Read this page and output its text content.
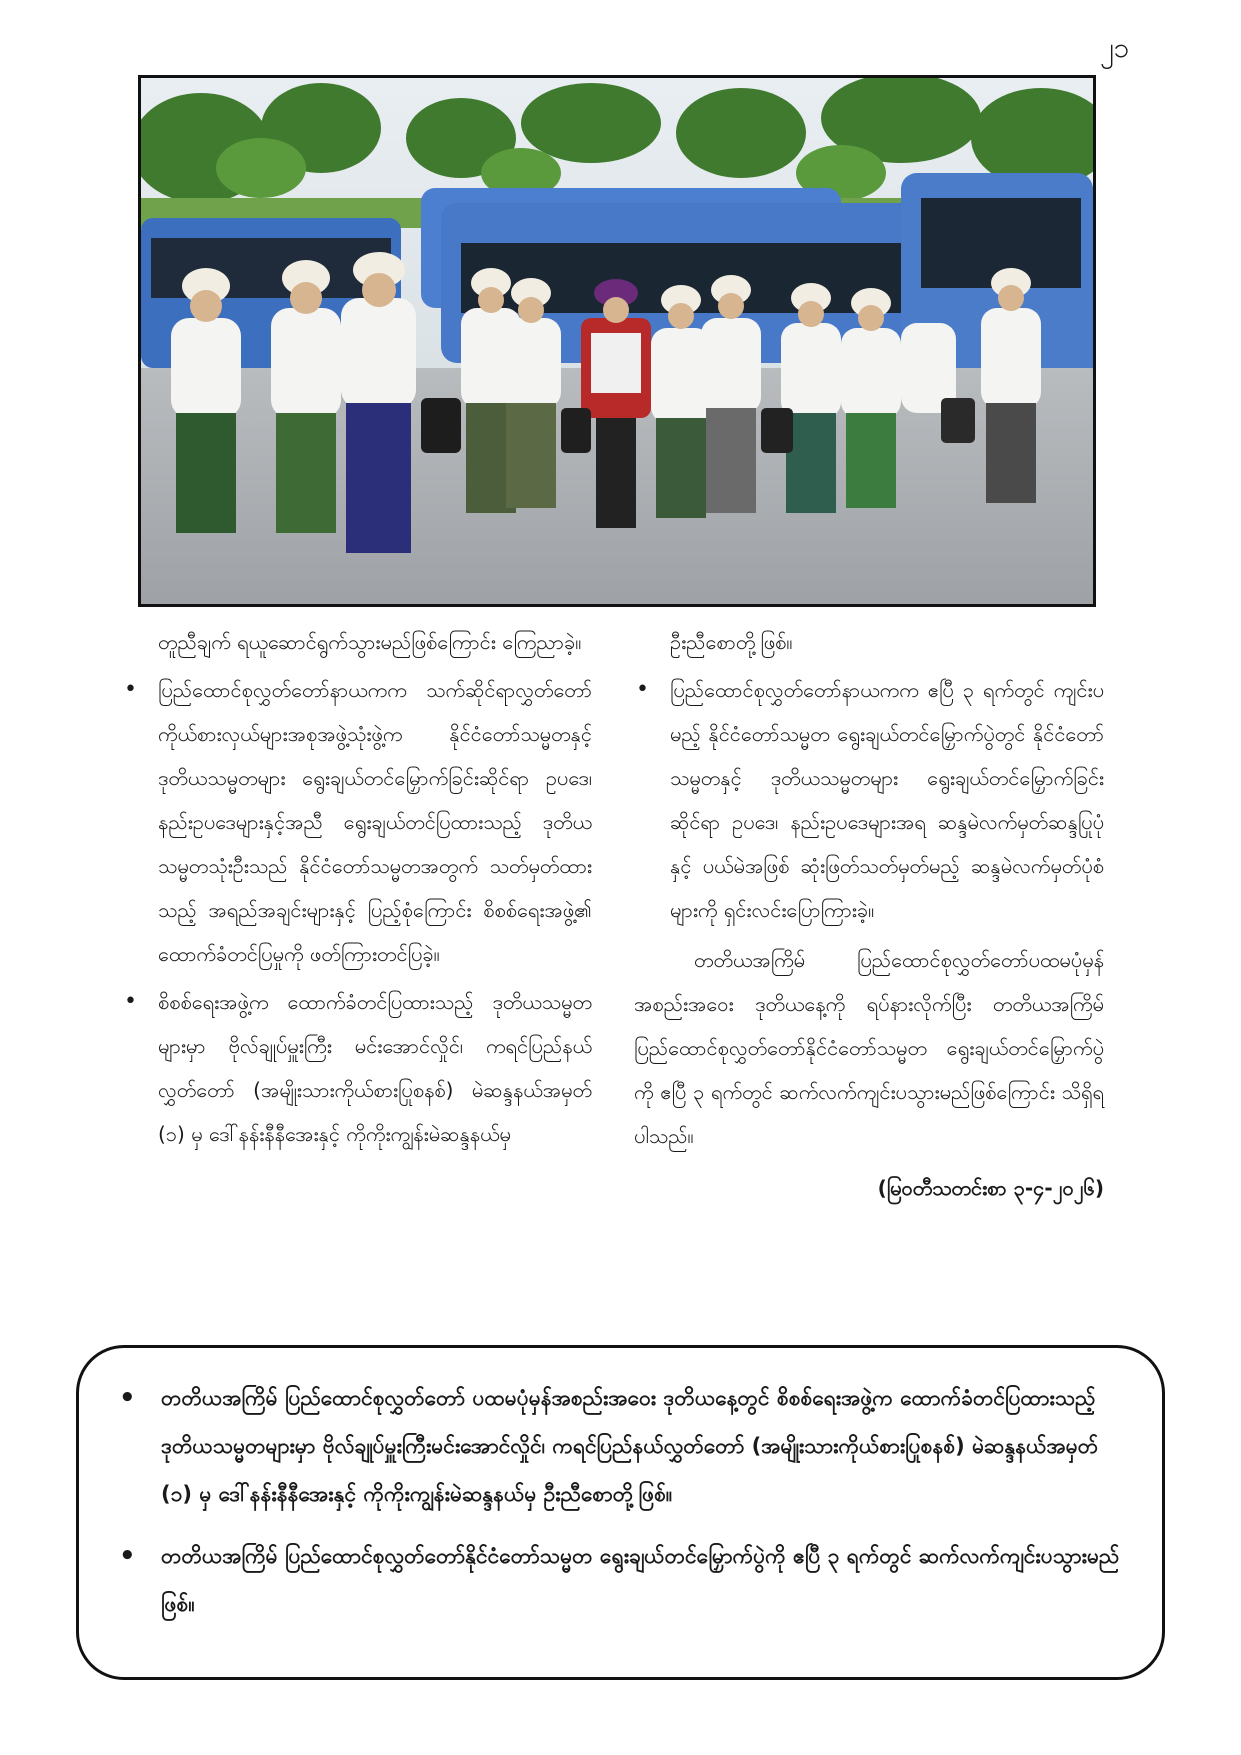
၂၁

တူညီချက် ရယူဆောင်ရွက်သွားမည်ဖြစ်ကြောင်း ကြေညာခဲ့။

• ပြည်ထောင်စုလွှတ်တော်နာယကက သက်ဆိုင်ရာလွှတ်တော်ကိုယ်စားလှယ်များအစုအဖွဲ့သုံးဖွဲ့က နိုင်ငံတော်သမ္မတနှင့် ဒုတိယသမ္မတများ ရွေးချယ်တင်မြှောက်ခြင်းဆိုင်ရာ ဥပဒေ၊ နည်းဥပဒေများနှင့်အညီ ရွေးချယ်တင်ပြထားသည့် ဒုတိယသမ္မတသုံးဦးသည် နိုင်ငံတော်သမ္မတအတွက် သတ်မှတ်ထားသည့် အရည်အချင်းများနှင့် ပြည့်စုံကြောင်း စိစစ်ရေးအဖွဲ့၏ ထောက်ခံတင်ပြမှုကို ဖတ်ကြားတင်ပြခဲ့။
• စိစစ်ရေးအဖွဲ့က ထောက်ခံတင်ပြထားသည့် ဒုတိယသမ္မတများမှာ ဗိုလ်ချုပ်မှူးကြီး မင်းအောင်လှိုင်၊ ကရင်ပြည်နယ်လွှတ်တော် (အမျိုးသားကိုယ်စားပြုစနစ်) မဲဆန္ဒနယ်အမှတ် (၁) မှ ဒေါ်နန်းနီနီအေးနှင့် ကိုကိုးကျွန်းမဲဆန္ဒနယ်မှ

ဦးညီစောတို့ဖြစ်။

• ပြည်ထောင်စုလွှတ်တော်နာယကက ဧပြီ ၃ ရက်တွင် ကျင်းပမည့် နိုင်ငံတော်သမ္မတ ရွေးချယ်တင်မြှောက်ပွဲတွင် နိုင်ငံတော်သမ္မတနှင့် ဒုတိယသမ္မတများ ရွေးချယ်တင်မြှောက်ခြင်းဆိုင်ရာ ဥပဒေ၊ နည်းဥပဒေများအရ ဆန္ဒမဲလက်မှတ်ဆန္ဒပြုပုံနှင့် ပယ်မဲအဖြစ် ဆုံးဖြတ်သတ်မှတ်မည့် ဆန္ဒမဲလက်မှတ်ပုံစံများကို ရှင်းလင်းပြောကြားခဲ့။

တတိယအကြိမ် ပြည်ထောင်စုလွှတ်တော်ပထမပုံမှန်အစည်းအဝေး ဒုတိယနေ့ကို ရပ်နားလိုက်ပြီး တတိယအကြိမ် ပြည်ထောင်စုလွှတ်တော်နိုင်ငံတော်သမ္မတ ရွေးချယ်တင်မြှောက်ပွဲကို ဧပြီ ၃ ရက်တွင် ဆက်လက်ကျင်းပသွားမည်ဖြစ်ကြောင်း သိရှိရပါသည်။

(မြဝတီသတင်းစာ ၃-၄-၂၀၂၆)

• တတိယအကြိမ် ပြည်ထောင်စုလွှတ်တော် ပထမပုံမှန်အစည်းအဝေး ဒုတိယနေ့တွင် စိစစ်ရေးအဖွဲ့က ထောက်ခံတင်ပြထားသည့် ဒုတိယသမ္မတများမှာ ဗိုလ်ချုပ်မှူးကြီးမင်းအောင်လှိုင်၊ ကရင်ပြည်နယ်လွှတ်တော် (အမျိုးသားကိုယ်စားပြုစနစ်) မဲဆန္ဒနယ်အမှတ် (၁) မှ ဒေါ်နန်းနီနီအေးနှင့် ကိုကိုးကျွန်းမဲဆန္ဒနယ်မှ ဦးညီစောတို့ဖြစ်။
• တတိယအကြိမ် ပြည်ထောင်စုလွှတ်တော်နိုင်ငံတော်သမ္မတ ရွေးချယ်တင်မြှောက်ပွဲကို ဧပြီ ၃ ရက်တွင် ဆက်လက်ကျင်းပသွားမည်ဖြစ်။
